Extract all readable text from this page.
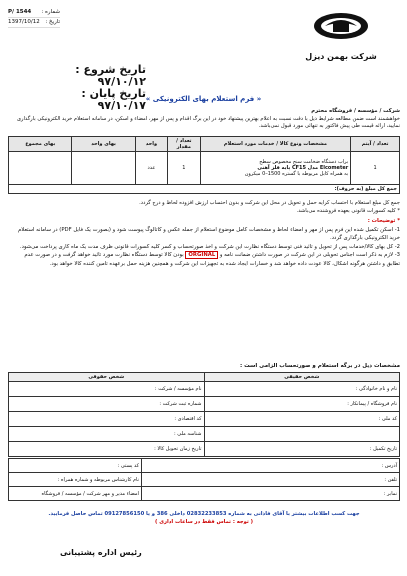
شماره :
P/ 1544
تاریخ :
1397/10/12
تاریخ شروع : ۹۷/۱۰/۱۲
تاریخ پایان : ۹۷/۱۰/۱۷
شرکت بهمن دیزل
« فرم استعلام بهای الکترونیکی »
شرکت / مؤسسه / فروشگاه محترم
خواهشمند است ضمن مطالعه شرایط ذیل با دقت نسبت به اعلام بهترین پیشنهاد خود در این برگ اقدام و پس از مهر، امضاء و اسکن، در سامانه استعلام خرید الکترونیکی بارگذاری نمایید، ارائه قیمت طی پیش فاکتور به تنهائی مورد قبول نمی‌باشد.
تعداد / آیتم	مشخصات ونوع کالا / خدمات مورد استعلام	تعداد / مقدار	واحد	بهای واحد	بهای مجموع
1	براب دستگاه ضخامت سنج مخصوص سطح
Elcometer مدل CF15 پایه فلز آهنی
به همراه کابل مربوطه با گستره 1500–0 میکرون	1	عدد		
جمع کل مبلغ (به حروف):					
جمع کل مبلغ استعلام با احتساب کرایه حمل و تحویل در محل این شرکت و بدون احتساب ارزش افزوده لحاظ و درج گردد.
* کلیه کسورات قانونی بعهده فروشنده می‌باشد.
* توضیحات :
1- اسکن تکمیل شده این فرم پس از مهر و امضاء لحاظ و مشخصات کامل موضوع استعلام از جمله عکس و کاتالوگ پیوست شود و (بصورت یک فایل PDF) در سامانه استعلام خرید الکترونیکی بارگذاری گردد.
2- کل بهای کالا/خدمات پس از تحویل و تائید فنی توسط دستگاه نظارت این شرکت و اخذ صورتحساب و کسر کلیه کسورات قانونی ظرف مدت یک ماه کاری پرداخت می‌شود.
3- لازم به ذکر است اجناس تحویلی در این شرکت در صورت داشتن ضمانت نامه و ORGINAL بودن کالا توسط دستگاه نظارت مورد تائید خواهد گرفت و در صورت عدم تطابق و داشتن هرگونه اشکال، کالا عودت داده خواهد شد و خسارات ایجاد شده به تجهیزات این شرکت و همچنین هزینه حمل برعهده تامین کننده کالا خواهد بود.
مشخصات ذیل در برگه استعلام و صورتحساب الزامی است :
شخص حقیقی	شخص حقوقی
نام و نام خانوادگی :	نام مؤسسه / شرکت :
نام فروشگاه / پیمانکار :	شماره ثبت شرکت :
کد ملی :	کد اقتصادی :
	شناسه ملی :
تاریخ تکمیل :	تاریخ زمان تحویل کالا :
آدرس :	کد پستی :
تلفن :	نام کارشناس مربوطه و شماره همراه :
نمابر :	امضاء مدیر و مهر شرکت / مؤسسه / فروشگاه
جهت کسب اطلاعات بیشتر با آقای فاذانی به شماره 02832233853 داخلی 386 و یا 09127856150 تماس حاصل فرمایید.
( توجه : تماس فقط در ساعات اداری )
رئیس اداره پشتیبانی
